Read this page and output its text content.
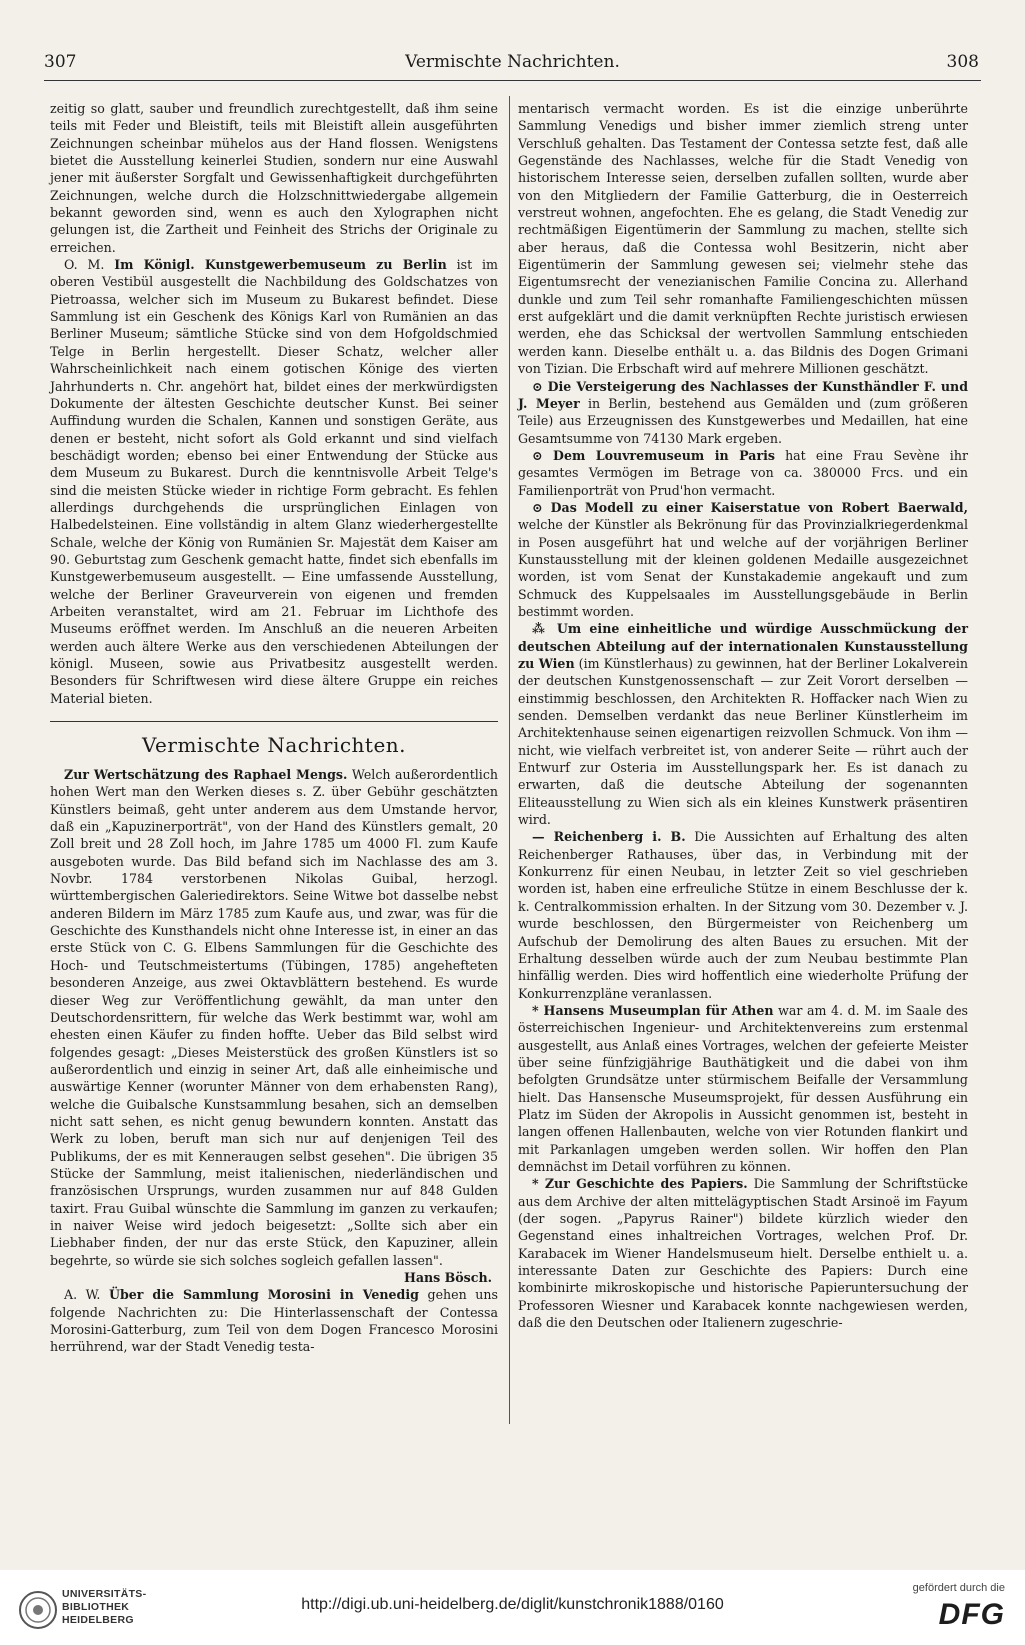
307	Vermischte Nachrichten.	308

zeitig so glatt, sauber und freundlich zurechtgestellt, daß ihm seine teils mit Feder und Bleistift, teils mit Bleistift allein ausgeführten Zeichnungen scheinbar mühelos aus der Hand flossen. Wenigstens bietet die Ausstellung keinerlei Studien, sondern nur eine Auswahl jener mit äußerster Sorgfalt und Gewissenhaftigkeit durchgeführten Zeichnungen, welche durch die Holzschnittwiedergabe allgemein bekannt geworden sind, wenn es auch den Xylographen nicht gelungen ist, die Zartheit und Feinheit des Strichs der Originale zu erreichen.

O. M. Im Königl. Kunstgewerbemuseum zu Berlin ist im oberen Vestibül ausgestellt die Nachbildung des Goldschatzes von Pietroassa, welcher sich im Museum zu Bukarest befindet. Diese Sammlung ist ein Geschenk des Königs Karl von Rumänien an das Berliner Museum; sämtliche Stücke sind von dem Hofgoldschmied Telge in Berlin hergestellt. Dieser Schatz, welcher aller Wahrscheinlichkeit nach einem gotischen Könige des vierten Jahrhunderts n. Chr. angehört hat, bildet eines der merkwürdigsten Dokumente der ältesten Geschichte deutscher Kunst. Bei seiner Auffindung wurden die Schalen, Kannen und sonstigen Geräte, aus denen er besteht, nicht sofort als Gold erkannt und sind vielfach beschädigt worden; ebenso bei einer Entwendung der Stücke aus dem Museum zu Bukarest. Durch die kenntnisvolle Arbeit Telge's sind die meisten Stücke wieder in richtige Form gebracht. Es fehlen allerdings durchgehends die ursprünglichen Einlagen von Halbedelsteinen. Eine vollständig in altem Glanz wiederhergestellte Schale, welche der König von Rumänien Sr. Majestät dem Kaiser am 90. Geburtstag zum Geschenk gemacht hatte, findet sich ebenfalls im Kunstgewerbemuseum ausgestellt. — Eine umfassende Ausstellung, welche der Berliner Graveurverein von eigenen und fremden Arbeiten veranstaltet, wird am 21. Februar im Lichthofe des Museums eröffnet werden. Im Anschluß an die neueren Arbeiten werden auch ältere Werke aus den verschiedenen Abteilungen der königl. Museen, sowie aus Privatbesitz ausgestellt werden. Besonders für Schriftwesen wird diese ältere Gruppe ein reiches Material bieten.

Vermischte Nachrichten.

Zur Wertschätzung des Raphael Mengs. Welch außerordentlich hohen Wert man den Werken dieses s. Z. über Gebühr geschätzten Künstlers beimaß, geht unter anderem aus dem Umstande hervor, daß ein „Kapuzinerporträt", von der Hand des Künstlers gemalt, 20 Zoll breit und 28 Zoll hoch, im Jahre 1785 um 4000 Fl. zum Kaufe ausgeboten wurde. Das Bild befand sich im Nachlasse des am 3. Novbr. 1784 verstorbenen Nikolas Guibal, herzogl. württembergischen Galeriedirektors. Seine Witwe bot dasselbe nebst anderen Bildern im März 1785 zum Kaufe aus, und zwar, was für die Geschichte des Kunsthandels nicht ohne Interesse ist, in einer an das erste Stück von C. G. Elbens Sammlungen für die Geschichte des Hoch- und Teutschmeistertums (Tübingen, 1785) angehefteten besonderen Anzeige, aus zwei Oktavblättern bestehend. Es wurde dieser Weg zur Veröffentlichung gewählt, da man unter den Deutschordensrittern, für welche das Werk bestimmt war, wohl am ehesten einen Käufer zu finden hoffte. Ueber das Bild selbst wird folgendes gesagt: „Dieses Meisterstück des großen Künstlers ist so außerordentlich und einzig in seiner Art, daß alle einheimische und auswärtige Kenner (worunter Männer von dem erhabensten Rang), welche die Guibalsche Kunstsammlung besahen, sich an demselben nicht satt sehen, es nicht genug bewundern konnten. Anstatt das Werk zu loben, beruft man sich nur auf denjenigen Teil des Publikums, der es mit Kenneraugen selbst gesehen". Die übrigen 35 Stücke der Sammlung, meist italienischen, niederländischen und französischen Ursprungs, wurden zusammen nur auf 848 Gulden taxirt. Frau Guibal wünschte die Sammlung im ganzen zu verkaufen; in naiver Weise wird jedoch beigesetzt: „Sollte sich aber ein Liebhaber finden, der nur das erste Stück, den Kapuziner, allein begehrte, so würde sie sich solches sogleich gefallen lassen".

Hans Bösch.

A. W. Über die Sammlung Morosini in Venedig gehen uns folgende Nachrichten zu: Die Hinterlassenschaft der Contessa Morosini-Gatterburg, zum Teil von dem Dogen Francesco Morosini herrührend, war der Stadt Venedig testa-

mentarisch vermacht worden. Es ist die einzige unberührte Sammlung Venedigs und bisher immer ziemlich streng unter Verschluß gehalten. Das Testament der Contessa setzte fest, daß alle Gegenstände des Nachlasses, welche für die Stadt Venedig von historischem Interesse seien, derselben zufallen sollten, wurde aber von den Mitgliedern der Familie Gatterburg, die in Oesterreich verstreut wohnen, angefochten. Ehe es gelang, die Stadt Venedig zur rechtmäßigen Eigentümerin der Sammlung zu machen, stellte sich aber heraus, daß die Contessa wohl Besitzerin, nicht aber Eigentümerin der Sammlung gewesen sei; vielmehr stehe das Eigentumsrecht der venezianischen Familie Concina zu. Allerhand dunkle und zum Teil sehr romanhafte Familiengeschichten müssen erst aufgeklärt und die damit verknüpften Rechte juristisch erwiesen werden, ehe das Schicksal der wertvollen Sammlung entschieden werden kann. Dieselbe enthält u. a. das Bildnis des Dogen Grimani von Tizian. Die Erbschaft wird auf mehrere Millionen geschätzt.

⊙ Die Versteigerung des Nachlasses der Kunsthändler F. und J. Meyer in Berlin, bestehend aus Gemälden und (zum größeren Teile) aus Erzeugnissen des Kunstgewerbes und Medaillen, hat eine Gesamtsumme von 74130 Mark ergeben.

⊙ Dem Louvremuseum in Paris hat eine Frau Sevène ihr gesamtes Vermögen im Betrage von ca. 380000 Frcs. und ein Familienporträt von Prud'hon vermacht.

⊙ Das Modell zu einer Kaiserstatue von Robert Baerwald, welche der Künstler als Bekrönung für das Provinzialkriegerdenkmal in Posen ausgeführt hat und welche auf der vorjährigen Berliner Kunstausstellung mit der kleinen goldenen Medaille ausgezeichnet worden, ist vom Senat der Kunstakademie angekauft und zum Schmuck des Kuppelsaales im Ausstellungsgebäude in Berlin bestimmt worden.

⁂ Um eine einheitliche und würdige Ausschmückung der deutschen Abteilung auf der internationalen Kunstausstellung zu Wien (im Künstlerhaus) zu gewinnen, hat der Berliner Lokalverein der deutschen Kunstgenossenschaft — zur Zeit Vorort derselben — einstimmig beschlossen, den Architekten R. Hoffacker nach Wien zu senden. Demselben verdankt das neue Berliner Künstlerheim im Architektenhause seinen eigenartigen reizvollen Schmuck. Von ihm — nicht, wie vielfach verbreitet ist, von anderer Seite — rührt auch der Entwurf zur Osteria im Ausstellungspark her. Es ist danach zu erwarten, daß die deutsche Abteilung der sogenannten Eliteausstellung zu Wien sich als ein kleines Kunstwerk präsentiren wird.

— Reichenberg i. B. Die Aussichten auf Erhaltung des alten Reichenberger Rathauses, über das, in Verbindung mit der Konkurrenz für einen Neubau, in letzter Zeit so viel geschrieben worden ist, haben eine erfreuliche Stütze in einem Beschlusse der k. k. Centralkommission erhalten. In der Sitzung vom 30. Dezember v. J. wurde beschlossen, den Bürgermeister von Reichenberg um Aufschub der Demolirung des alten Baues zu ersuchen. Mit der Erhaltung desselben würde auch der zum Neubau bestimmte Plan hinfällig werden. Dies wird hoffentlich eine wiederholte Prüfung der Konkurrenzpläne veranlassen.

* Hansens Museumplan für Athen war am 4. d. M. im Saale des österreichischen Ingenieur- und Architektenvereins zum erstenmal ausgestellt, aus Anlaß eines Vortrages, welchen der gefeierte Meister über seine fünfzigjährige Bauthätigkeit und die dabei von ihm befolgten Grundsätze unter stürmischem Beifalle der Versammlung hielt. Das Hansensche Museumsprojekt, für dessen Ausführung ein Platz im Süden der Akropolis in Aussicht genommen ist, besteht in langen offenen Hallenbauten, welche von vier Rotunden flankirt und mit Parkanlagen umgeben werden sollen. Wir hoffen den Plan demnächst im Detail vorführen zu können.

* Zur Geschichte des Papiers. Die Sammlung der Schriftstücke aus dem Archive der alten mittelägyptischen Stadt Arsinoë im Fayum (der sogen. „Papyrus Rainer") bildete kürzlich wieder den Gegenstand eines inhaltreichen Vortrages, welchen Prof. Dr. Karabacek im Wiener Handelsmuseum hielt. Derselbe enthielt u. a. interessante Daten zur Geschichte des Papiers: Durch eine kombinirte mikroskopische und historische Papieruntersuchung der Professoren Wiesner und Karabacek konnte nachgewiesen werden, daß die den Deutschen oder Italienern zugeschrie-

UNIVERSITÄTS-
BIBLIOTHEK
HEIDELBERG
http://digi.ub.uni-heidelberg.de/diglit/kunstchronik1888/0160
gefördert durch die
DFG
